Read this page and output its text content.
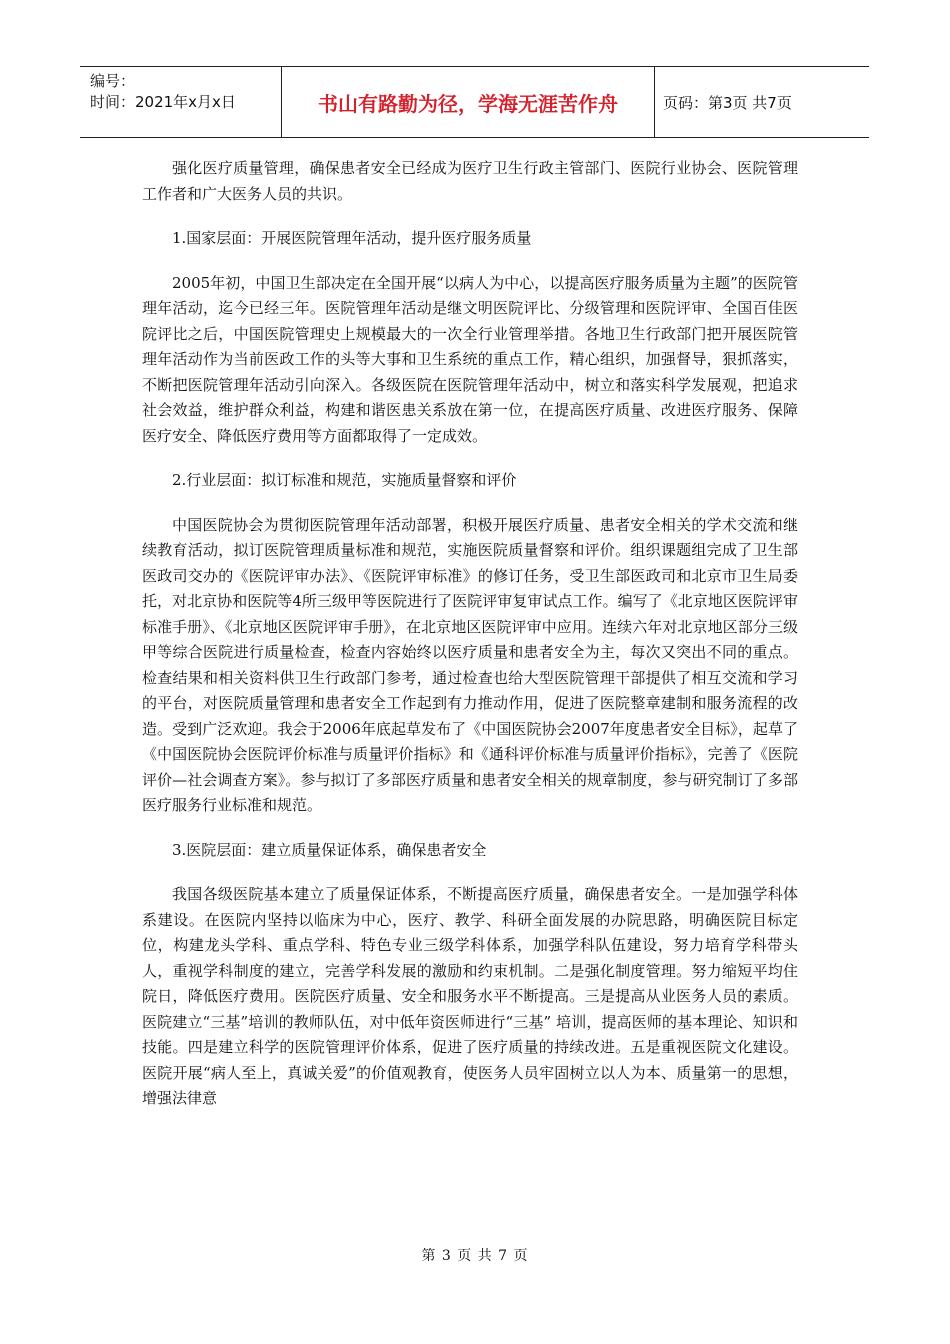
编号：
时间：2021年x月x日	书山有路勤为径，学海无涯苦作舟	页码：第3页 共7页

强化医疗质量管理，确保患者安全已经成为医疗卫生行政主管部门、医院行业协会、医院管理工作者和广大医务人员的共识。

1.国家层面：开展医院管理年活动，提升医疗服务质量

2005年初，中国卫生部决定在全国开展“以病人为中心，以提高医疗服务质量为主题”的医院管理年活动，迄今已经三年。医院管理年活动是继文明医院评比、分级管理和医院评审、全国百佳医院评比之后，中国医院管理史上规模最大的一次全行业管理举措。各地卫生行政部门把开展医院管理年活动作为当前医政工作的头等大事和卫生系统的重点工作，精心组织，加强督导，狠抓落实，不断把医院管理年活动引向深入。各级医院在医院管理年活动中，树立和落实科学发展观，把追求社会效益，维护群众利益，构建和谐医患关系放在第一位，在提高医疗质量、改进医疗服务、保障医疗安全、降低医疗费用等方面都取得了一定成效。

2.行业层面：拟订标准和规范，实施质量督察和评价

中国医院协会为贯彻医院管理年活动部署，积极开展医疗质量、患者安全相关的学术交流和继续教育活动，拟订医院管理质量标准和规范，实施医院质量督察和评价。组织课题组完成了卫生部医政司交办的《医院评审办法》、《医院评审标准》的修订任务，受卫生部医政司和北京市卫生局委托，对北京协和医院等4所三级甲等医院进行了医院评审复审试点工作。编写了《北京地区医院评审标准手册》、《北京地区医院评审手册》，在北京地区医院评审中应用。连续六年对北京地区部分三级甲等综合医院进行质量检查，检查内容始终以医疗质量和患者安全为主，每次又突出不同的重点。检查结果和相关资料供卫生行政部门参考，通过检查也给大型医院管理干部提供了相互交流和学习的平台，对医院质量管理和患者安全工作起到有力推动作用，促进了医院整章建制和服务流程的改造。受到广泛欢迎。我会于2006年底起草发布了《中国医院协会2007年度患者安全目标》，起草了《中国医院协会医院评价标准与质量评价指标》和《通科评价标准与质量评价指标》，完善了《医院评价—社会调查方案》。参与拟订了多部医疗质量和患者安全相关的规章制度，参与研究制订了多部医疗服务行业标准和规范。

3.医院层面：建立质量保证体系，确保患者安全

我国各级医院基本建立了质量保证体系，不断提高医疗质量，确保患者安全。一是加强学科体系建设。在医院内坚持以临床为中心，医疗、教学、科研全面发展的办院思路，明确医院目标定位，构建龙头学科、重点学科、特色专业三级学科体系，加强学科队伍建设，努力培育学科带头人，重视学科制度的建立，完善学科发展的激励和约束机制。二是强化制度管理。努力缩短平均住院日，降低医疗费用。医院医疗质量、安全和服务水平不断提高。三是提高从业医务人员的素质。医院建立“三基”培训的教师队伍，对中低年资医师进行“三基” 培训，提高医师的基本理论、知识和技能。四是建立科学的医院管理评价体系，促进了医疗质量的持续改进。五是重视医院文化建设。医院开展“病人至上，真诚关爱”的价值观教育，使医务人员牢固树立以人为本、质量第一的思想，增强法律意

第 3 页 共 7 页
